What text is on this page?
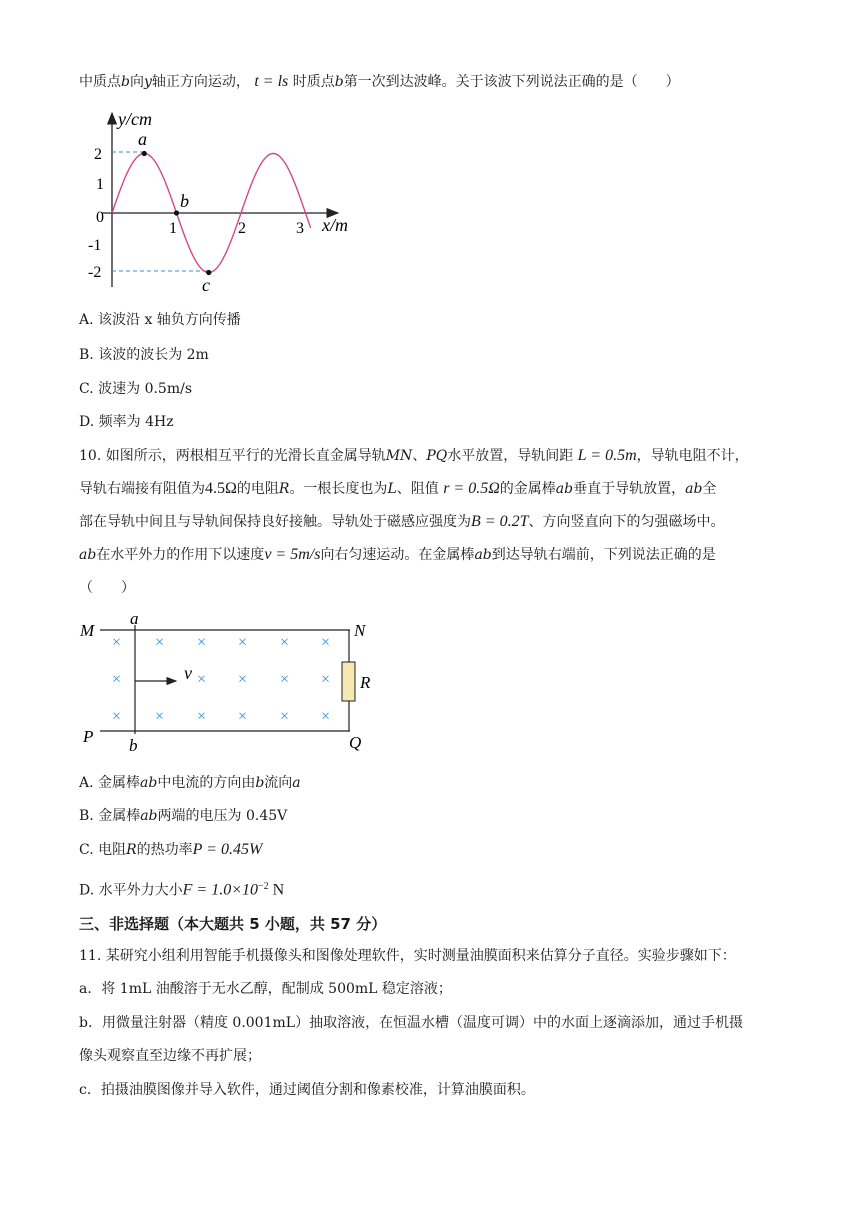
中质点b向y轴正方向运动， t = ls 时质点b第一次到达波峰。关于该波下列说法正确的是（　　）
y/cm
x/m
2
1
0
-1
-2
1	2	3
a
b
c
A. 该波沿 x 轴负方向传播
B. 该波的波长为 2m
C. 波速为 0.5m/s
D. 频率为 4Hz
10. 如图所示，两根相互平行的光滑长直金属导轨MN、PQ水平放置，导轨间距 L = 0.5m，导轨电阻不计，
导轨右端接有阻值为4.5Ω的电阻R。一根长度也为L、阻值 r = 0.5Ω的金属棒ab垂直于导轨放置，ab全
部在导轨中间且与导轨间保持良好接触。导轨处于磁感应强度为B = 0.2T、方向竖直向下的匀强磁场中。
ab在水平外力的作用下以速度v = 5m/s向右匀速运动。在金属棒ab到达导轨右端前，下列说法正确的是
（　　）
M	N
P	Q
a
b
R
v
× × × × × ×
×	× × × ×
× × × × × ×
A. 金属棒ab中电流的方向由b流向a
B. 金属棒ab两端的电压为 0.45V
C. 电阻R的热功率P = 0.45W
D. 水平外力大小$F = 1.0\times 10^{-2}$ N
三、非选择题（本大题共 5 小题，共 57 分）
11. 某研究小组利用智能手机摄像头和图像处理软件，实时测量油膜面积来估算分子直径。实验步骤如下：
a．将 1mL 油酸溶于无水乙醇，配制成 500mL 稳定溶液；
b．用微量注射器（精度 0.001mL）抽取溶液，在恒温水槽（温度可调）中的水面上逐滴添加，通过手机摄
像头观察直至边缘不再扩展；
c．拍摄油膜图像并导入软件，通过阈值分割和像素校准，计算油膜面积。
